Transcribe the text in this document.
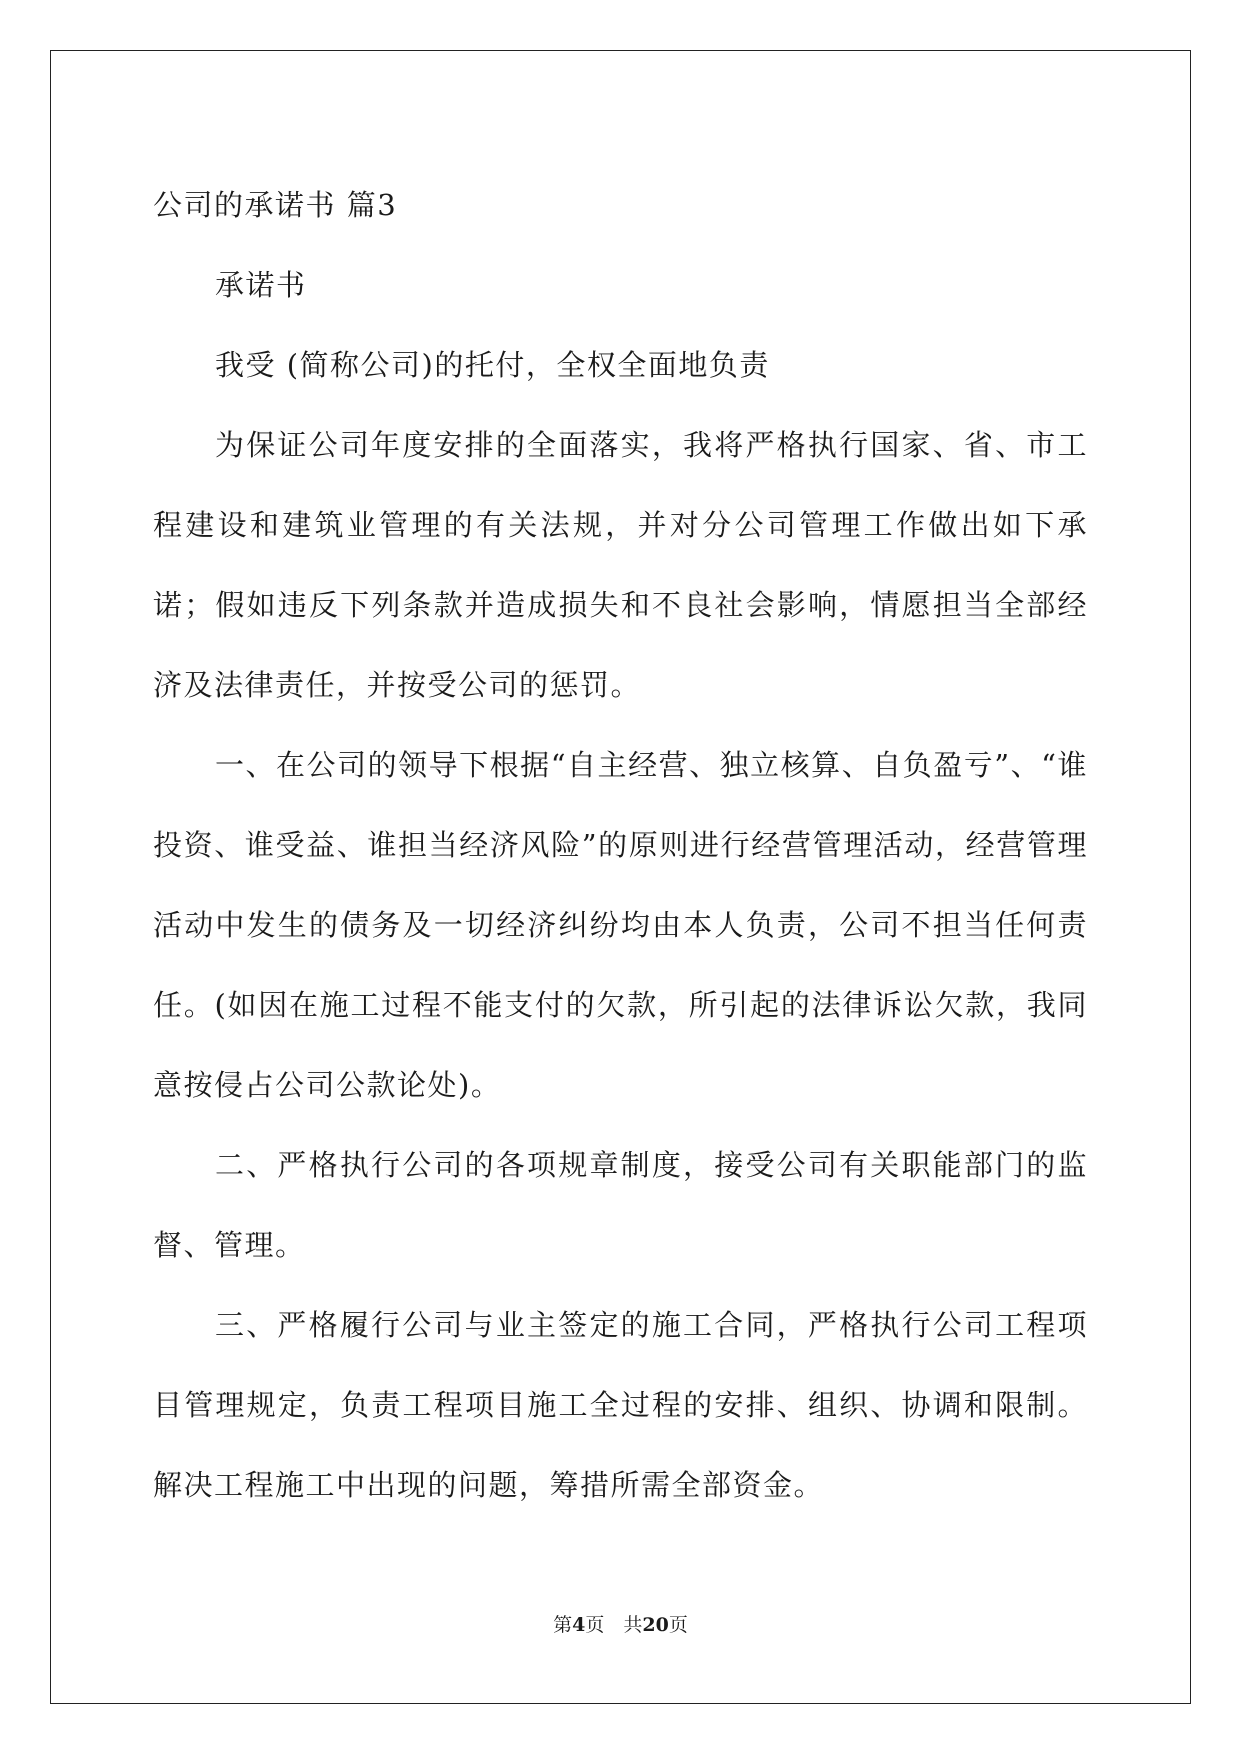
公司的承诺书 篇3

承诺书

我受 (简称公司)的托付，全权全面地负责

为保证公司年度安排的全面落实，我将严格执行国家、省、市工程建设和建筑业管理的有关法规，并对分公司管理工作做出如下承诺；假如违反下列条款并造成损失和不良社会影响，情愿担当全部经济及法律责任，并按受公司的惩罚。

一、在公司的领导下根据“自主经营、独立核算、自负盈亏”、“谁投资、谁受益、谁担当经济风险”的原则进行经营管理活动，经营管理活动中发生的债务及一切经济纠纷均由本人负责，公司不担当任何责任。(如因在施工过程不能支付的欠款，所引起的法律诉讼欠款，我同意按侵占公司公款论处)。

二、严格执行公司的各项规章制度，接受公司有关职能部门的监督、管理。

三、严格履行公司与业主签定的施工合同，严格执行公司工程项目管理规定，负责工程项目施工全过程的安排、组织、协调和限制。解决工程施工中出现的问题，筹措所需全部资金。

第4页　共20页
